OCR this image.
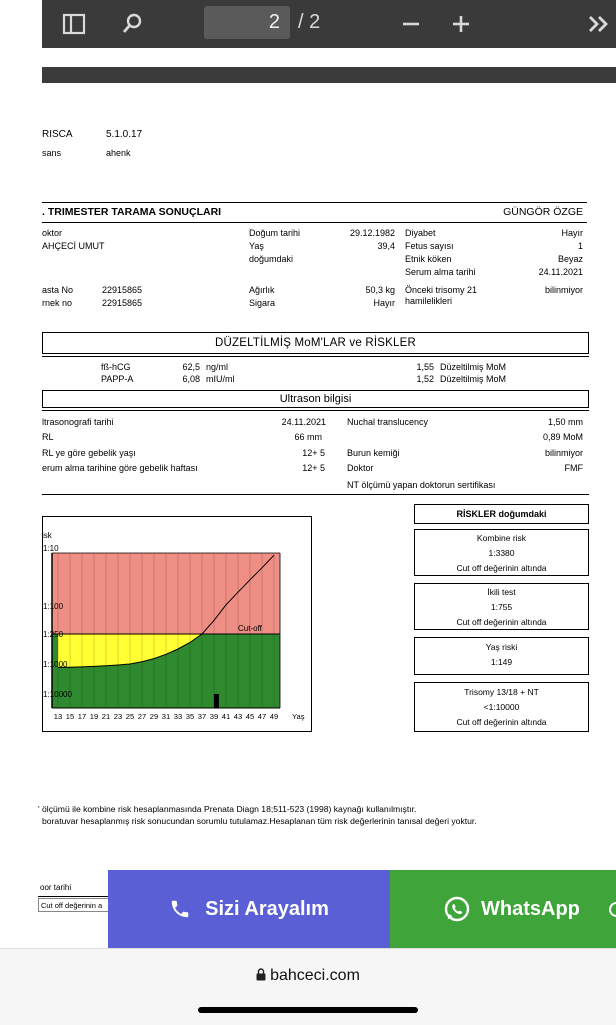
2 / 2
RISCA	5.1.0.17
sans	ahenk
. TRIMESTER TARAMA SONUÇLARI	GÜNGÖR ÖZGE
oktor
AHÇECİ UMUT
asta No	22915865
rnek no	22915865
Doğum tarihi	29.12.1982
Yaş	39,4
doğumdaki
Ağırlık	50,3 kg
Sigara	Hayır
Diyabet	Hayır
Fetus sayısı	1
Etnik köken	Beyaz
Serum alma tarihi	24.11.2021
Önceki trisomy 21
hamilelikleri
bilinmiyor
DÜZELTİLMİŞ MoM'LAR ve RİSKLER
fß-hCG	62,5 ng/ml	1,55 Düzeltilmiş MoM
PAPP-A	6,08 mIU/ml	1,52 Düzeltilmiş MoM
Ultrason bilgisi
ltrasonografi tarihi	24.11.2021
RL	66 mm
RL ye göre gebelik yaşı	12+ 5
erum alma tarihine göre gebelik haftası	12+ 5
Nuchal translucency	1,50 mm
0,89 MoM
Burun kemiği	bilinmiyor
Doktor	FMF
NT ölçümü yapan doktorun sertifikası
Cut-off
isk
1:10
1:100
1:250
1:1000
1:10000
13 15 17 19 21 23 25 27 29 31 33 35 37 39 41 43 45 47 49 Yaş
RİSKLER doğumdaki
Kombine risk
1:3380
Cut off değerinin altında
İkili test
1:755
Cut off değerinin altında
Yaş riski
1:149
Trisomy 13/18 + NT
<1:10000
Cut off değerinin altında
' ölçümü ile kombine risk hesaplanmasında Prenata Diagn 18;511-523 (1998) kaynağı kullanılmıştır.
boratuvar hesaplanmış risk sonucundan sorumlu tutulamaz.Hesaplanan tüm risk değerlerinin tanısal değeri yoktur.
oor tarihi
Cut off değerinin a	Sizi Arayalım	WhatsApp
bahceci.com
